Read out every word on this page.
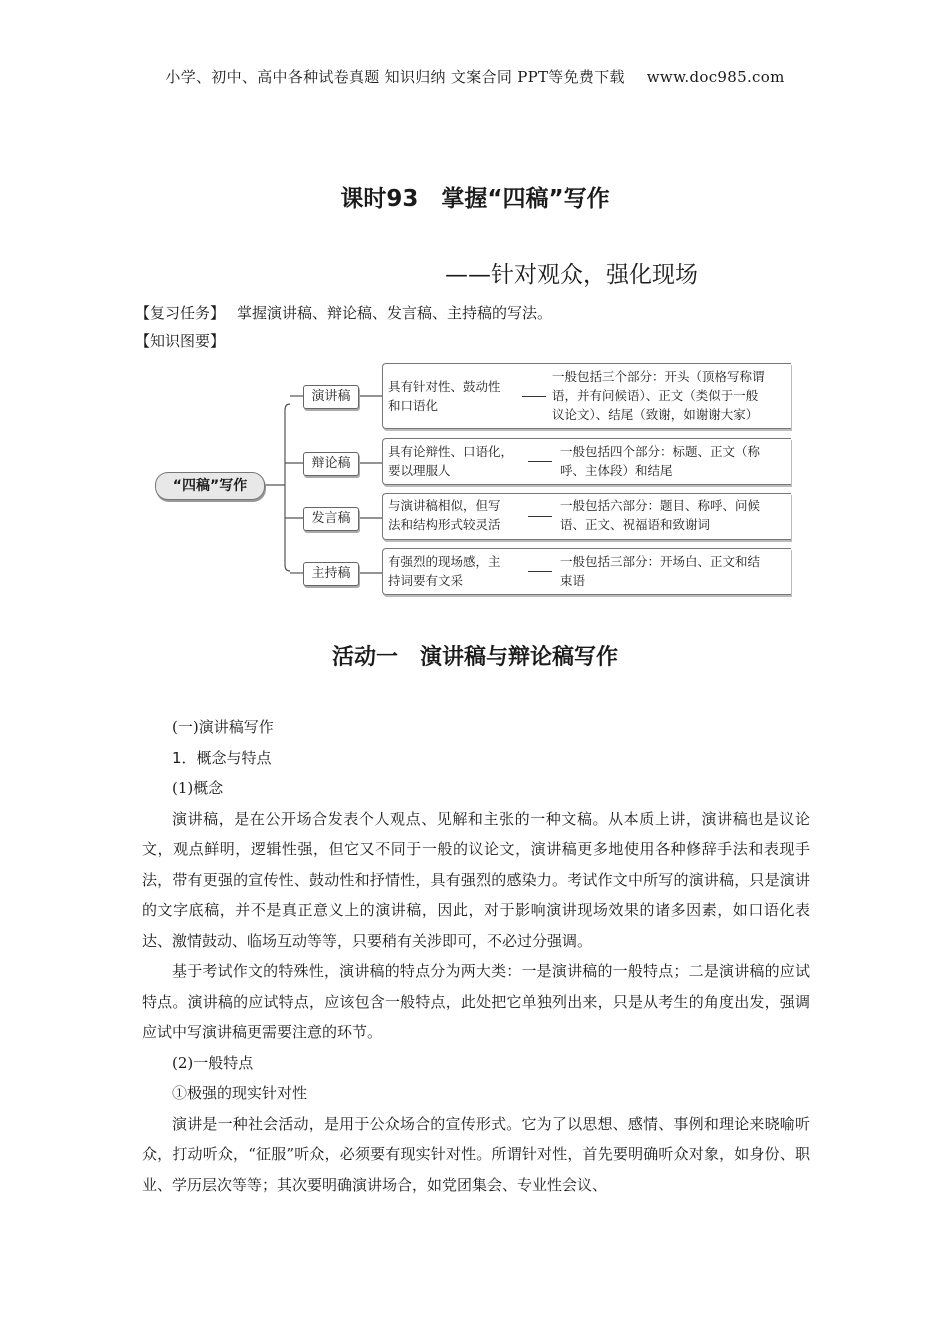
小学、初中、高中各种试卷真题 知识归纳 文案合同 PPT等免费下载 www.doc985.com
课时93　掌握“四稿”写作
——针对观众，强化现场
【复习任务】 掌握演讲稿、辩论稿、发言稿、主持稿的写法。
【知识图要】
“四稿”写作
演讲稿
具有针对性、鼓动性
和口语化
一般包括三个部分：开头（顶格写称谓
语，并有问候语）、正文（类似于一般
议论文）、结尾（致谢，如谢谢大家）
辩论稿
具有论辩性、口语化，
要以理服人
一般包括四个部分：标题、正文（称
呼、主体段）和结尾
发言稿
与演讲稿相似，但写
法和结构形式较灵活
一般包括六部分：题目、称呼、问候
语、正文、祝福语和致谢词
主持稿
有强烈的现场感，主
持词要有文采
一般包括三部分：开场白、正文和结
束语
活动一　演讲稿与辩论稿写作

(一)演讲稿写作

1．概念与特点

(1)概念

演讲稿，是在公开场合发表个人观点、见解和主张的一种文稿。从本质上讲，演讲稿也是议论文，观点鲜明，逻辑性强，但它又不同于一般的议论文，演讲稿更多地使用各种修辞手法和表现手法，带有更强的宣传性、鼓动性和抒情性，具有强烈的感染力。考试作文中所写的演讲稿，只是演讲的文字底稿，并不是真正意义上的演讲稿，因此，对于影响演讲现场效果的诸多因素，如口语化表达、激情鼓动、临场互动等等，只要稍有关涉即可，不必过分强调。

基于考试作文的特殊性，演讲稿的特点分为两大类：一是演讲稿的一般特点；二是演讲稿的应试特点。演讲稿的应试特点，应该包含一般特点，此处把它单独列出来，只是从考生的角度出发，强调应试中写演讲稿更需要注意的环节。

(2)一般特点

①极强的现实针对性

演讲是一种社会活动，是用于公众场合的宣传形式。它为了以思想、感情、事例和理论来晓喻听众，打动听众，“征服”听众，必须要有现实针对性。所谓针对性，首先要明确听众对象，如身份、职业、学历层次等等；其次要明确演讲场合，如党团集会、专业性会议、
